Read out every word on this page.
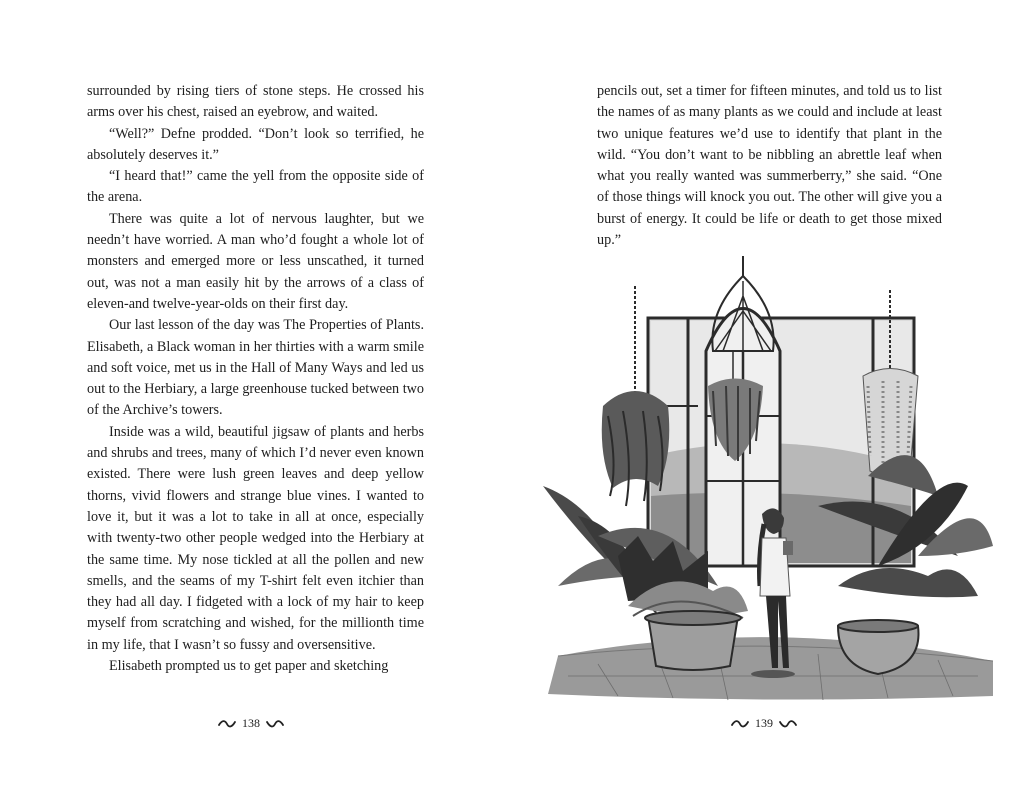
surrounded by rising tiers of stone steps. He crossed his arms over his chest, raised an eyebrow, and waited.

“Well?” Defne prodded. “Don’t look so terrified, he absolutely deserves it.”

“I heard that!” came the yell from the opposite side of the arena.

There was quite a lot of nervous laughter, but we needn’t have worried. A man who’d fought a whole lot of monsters and emerged more or less unscathed, it turned out, was not a man easily hit by the arrows of a class of eleven-and twelve-year-olds on their first day.

Our last lesson of the day was The Properties of Plants. Elisabeth, a Black woman in her thirties with a warm smile and soft voice, met us in the Hall of Many Ways and led us out to the Herbiary, a large greenhouse tucked between two of the Archive’s towers.

Inside was a wild, beautiful jigsaw of plants and herbs and shrubs and trees, many of which I’d never even known existed. There were lush green leaves and deep yellow thorns, vivid flowers and strange blue vines. I wanted to love it, but it was a lot to take in all at once, especially with twenty-two other people wedged into the Herbiary at the same time. My nose tickled at all the pollen and new smells, and the seams of my T-shirt felt even itchier than they had all day. I fidgeted with a lock of my hair to keep myself from scratching and wished, for the millionth time in my life, that I wasn’t so fussy and oversensitive.

Elisabeth prompted us to get paper and sketching

138

pencils out, set a timer for fifteen minutes, and told us to list the names of as many plants as we could and include at least two unique features we’d use to identify that plant in the wild. “You don’t want to be nibbling an abrettle leaf when what you really wanted was summerberry,” she said. “One of those things will knock you out. The other will give you a burst of energy. It could be life or death to get those mixed up.”

139
